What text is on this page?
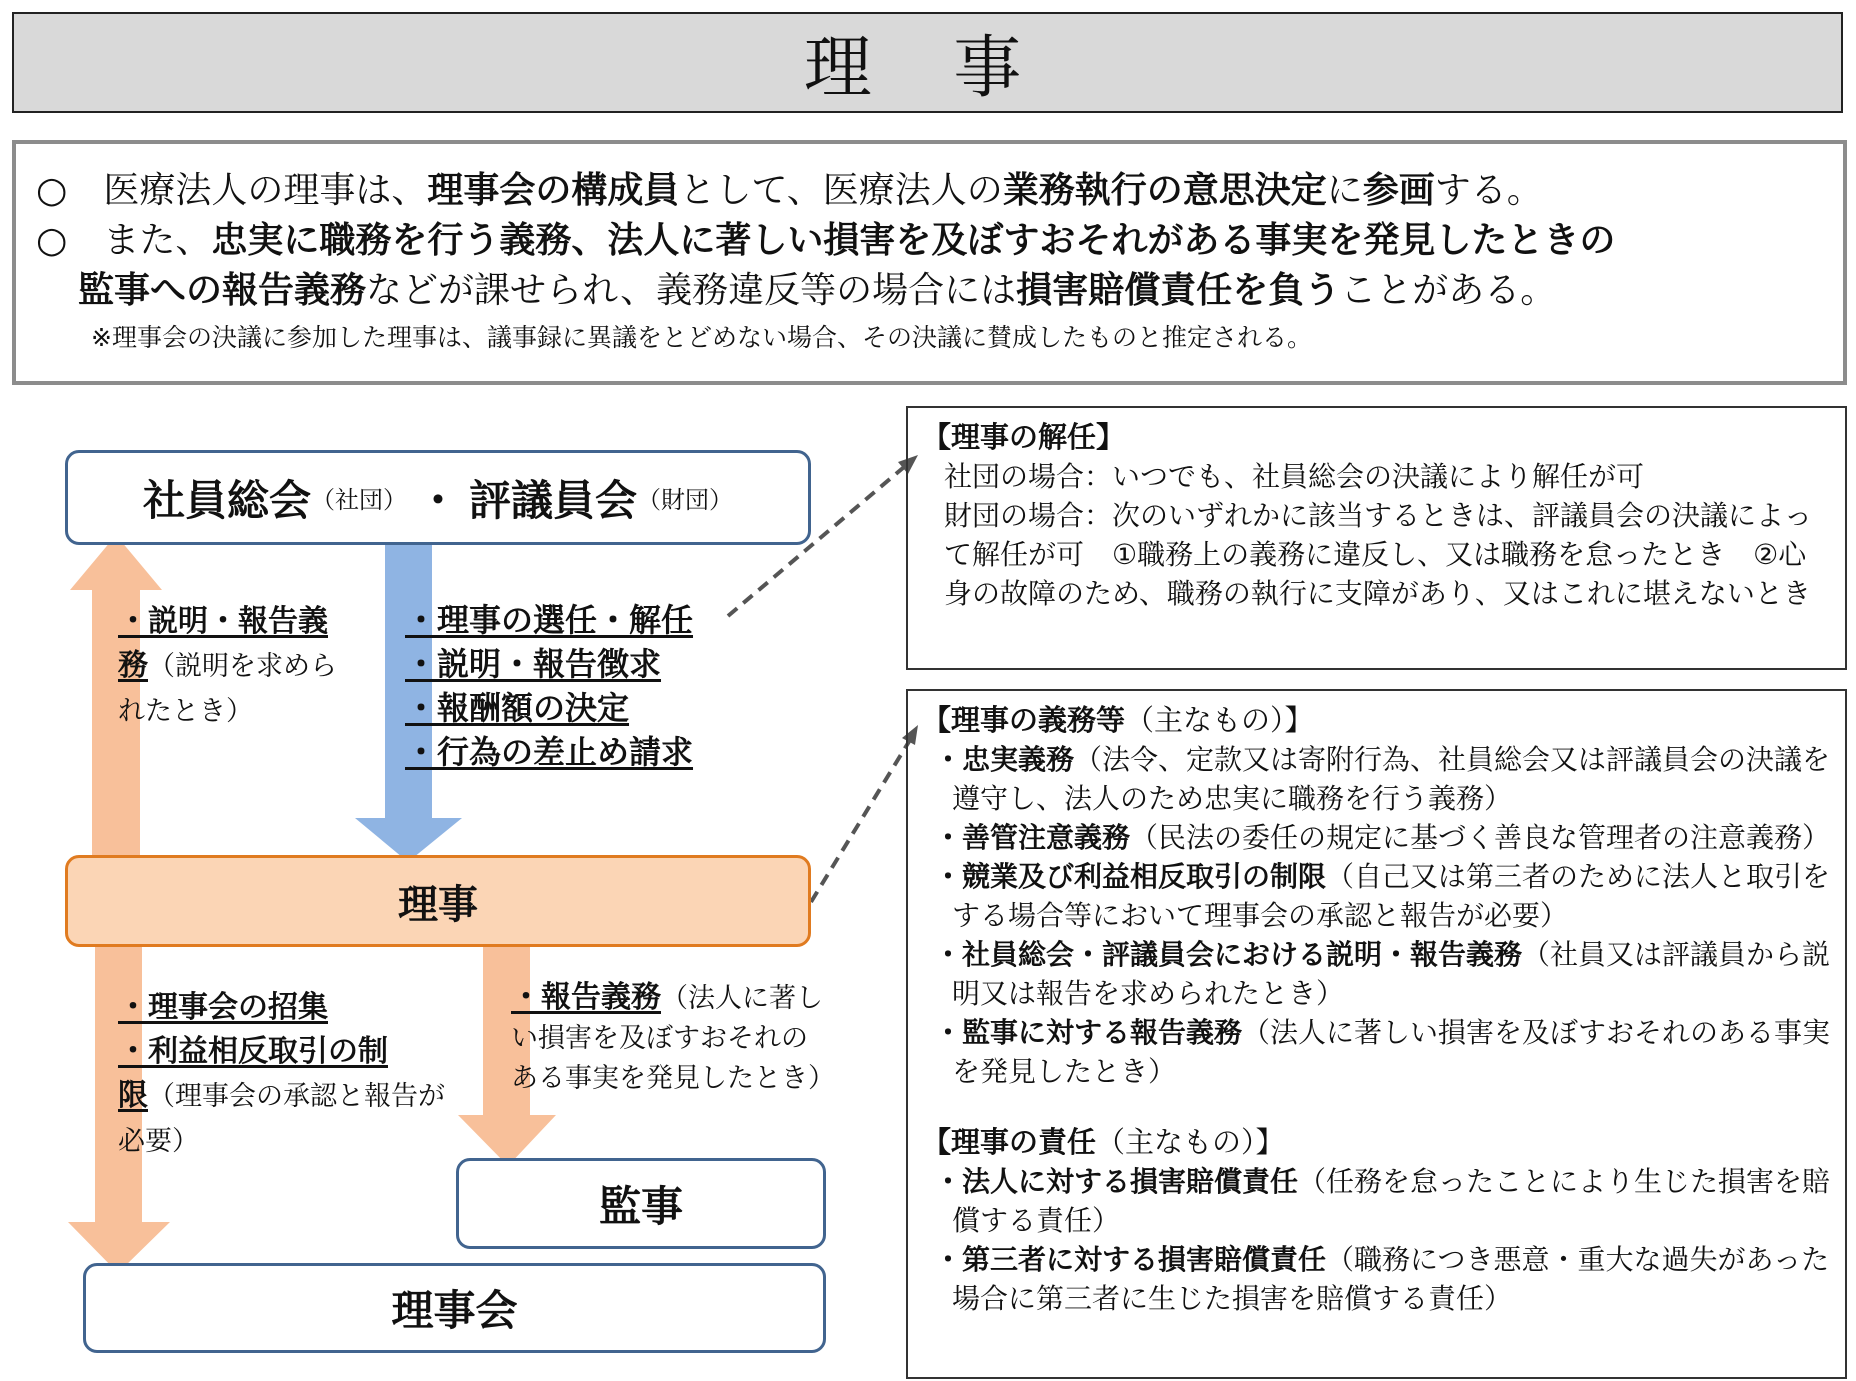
理 事
○　医療法人の理事は、理事会の構成員として、医療法人の業務執行の意思決定に参画する。
○　また、忠実に職務を行う義務、法人に著しい損害を及ぼすおそれがある事実を発見したときの
監事への報告義務などが課せられ、義務違反等の場合には損害賠償責任を負うことがある。
※理事会の決議に参加した理事は、議事録に異議をとどめない場合、その決議に賛成したものと推定される。
社員総会 （社団） ・ 評議員会 （財団）
理事
監事
理事会
・説明・報告義
務（説明を求められたとき）
・理事の選任・解任
・説明・報告徴求
・報酬額の決定
・行為の差止め請求
・理事会の招集
・利益相反取引の制
限（理事会の承認と報告が必要）
・報告義務（法人に著しい損害を及ぼすおそれのある事実を発見したとき）
【理事の解任】
社団の場合：いつでも、社員総会の決議により解任が可
財団の場合：次のいずれかに該当するときは、評議員会の決議によって解任が可　①職務上の義務に違反し、又は職務を怠ったとき　②心身の故障のため、職務の執行に支障があり、又はこれに堪えないとき
【理事の義務等（主なもの）】
・忠実義務（法令、定款又は寄附行為、社員総会又は評議員会の決議を遵守し、法人のため忠実に職務を行う義務）
・善管注意義務（民法の委任の規定に基づく善良な管理者の注意義務）
・競業及び利益相反取引の制限（自己又は第三者のために法人と取引をする場合等において理事会の承認と報告が必要）
・社員総会・評議員会における説明・報告義務（社員又は評議員から説明又は報告を求められたとき）
・監事に対する報告義務（法人に著しい損害を及ぼすおそれのある事実を発見したとき）
【理事の責任（主なもの）】
・法人に対する損害賠償責任（任務を怠ったことにより生じた損害を賠償する責任）
・第三者に対する損害賠償責任（職務につき悪意・重大な過失があった場合に第三者に生じた損害を賠償する責任）
